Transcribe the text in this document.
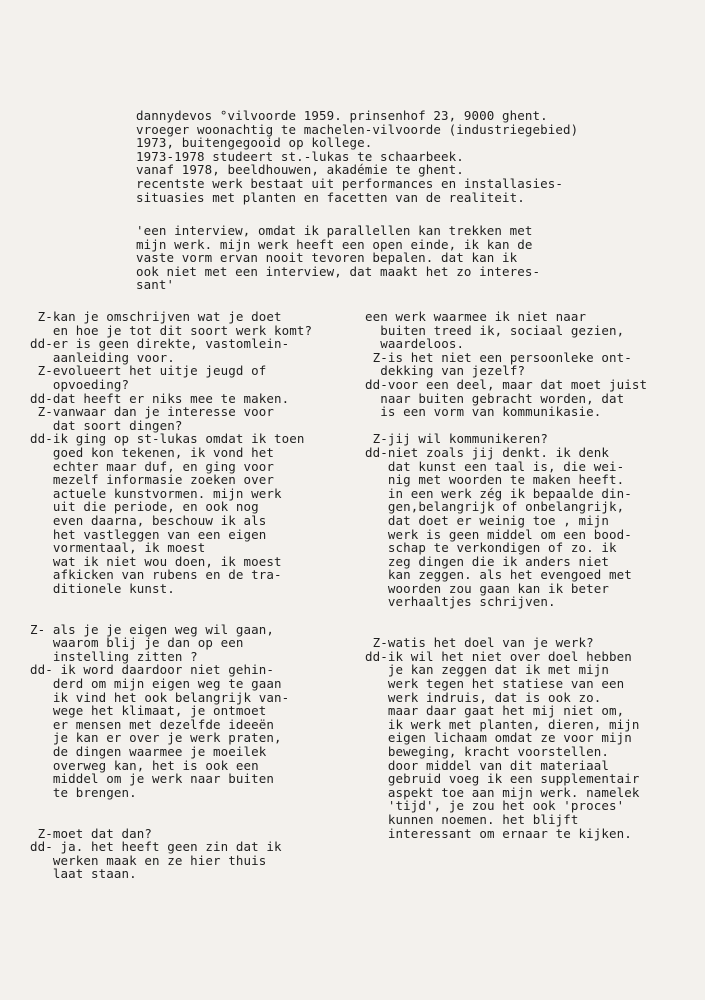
dannydevos °vilvoorde 1959. prinsenhof 23, 9000 ghent.
vroeger woonachtig te machelen-vilvoorde (industriegebied)
1973, buitengegooid op kollege.
1973-1978 studeert st.-lukas te schaarbeek.
vanaf 1978, beeldhouwen, akadémie te ghent.
recentste werk bestaat uit performances en installasies-
situasies met planten en facetten van de realiteit.
'een interview, omdat ik parallellen kan trekken met
mijn werk. mijn werk heeft een open einde, ik kan de
vaste vorm ervan nooit tevoren bepalen. dat kan ik
ook niet met een interview, dat maakt het zo interes-
sant'
Z-kan je omschrijven wat je doet
en hoe je tot dit soort werk komt?
dd-er is geen direkte, vastomlein-
aanleiding voor.
Z-evolueert het uitje jeugd of
opvoeding?
dd-dat heeft er niks mee te maken.
Z-vanwaar dan je interesse voor
dat soort dingen?
dd-ik ging op st-lukas omdat ik toen
goed kon tekenen, ik vond het
echter maar duf, en ging voor
mezelf informasie zoeken over
actuele kunstvormen. mijn werk
uit die periode, en ook nog
even daarna, beschouw ik als
het vastleggen van een eigen
vormentaal, ik moest
wat ik niet wou doen, ik moest
afkicken van rubens en de tra-
ditionele kunst.
Z- als je je eigen weg wil gaan,
waarom blij je dan op een
instelling zitten ?
dd- ik word daardoor niet gehin-
derd om mijn eigen weg te gaan
ik vind het ook belangrijk van-
wege het klimaat, je ontmoet
er mensen met dezelfde ideeën
je kan er over je werk praten,
de dingen waarmee je moeilek
overweg kan, het is ook een
middel om je werk naar buiten
te brengen.
Z-moet dat dan?
dd- ja. het heeft geen zin dat ik
werken maak en ze hier thuis
laat staan.
een werk waarmee ik niet naar
buiten treed ik, sociaal gezien,
waardeloos.
Z-is het niet een persoonleke ont-
dekking van jezelf?
dd-voor een deel, maar dat moet juist
naar buiten gebracht worden, dat
is een vorm van kommunikasie.
Z-jij wil kommunikeren?
dd-niet zoals jij denkt. ik denk
dat kunst een taal is, die wei-
nig met woorden te maken heeft.
in een werk zég ik bepaalde din-
gen,belangrijk of onbelangrijk,
dat doet er weinig toe , mijn
werk is geen middel om een bood-
schap te verkondigen of zo. ik
zeg dingen die ik anders niet
kan zeggen. als het evengoed met
woorden zou gaan kan ik beter
verhaaltjes schrijven.
Z-watis het doel van je werk?
dd-ik wil het niet over doel hebben
je kan zeggen dat ik met mijn
werk tegen het statiese van een
werk indruis, dat is ook zo.
maar daar gaat het mij niet om,
ik werk met planten, dieren, mijn
eigen lichaam omdat ze voor mijn
beweging, kracht voorstellen.
door middel van dit materiaal
gebruid voeg ik een supplementair
aspekt toe aan mijn werk. namelek
'tijd', je zou het ook 'proces'
kunnen noemen. het blijft
interessant om ernaar te kijken.
